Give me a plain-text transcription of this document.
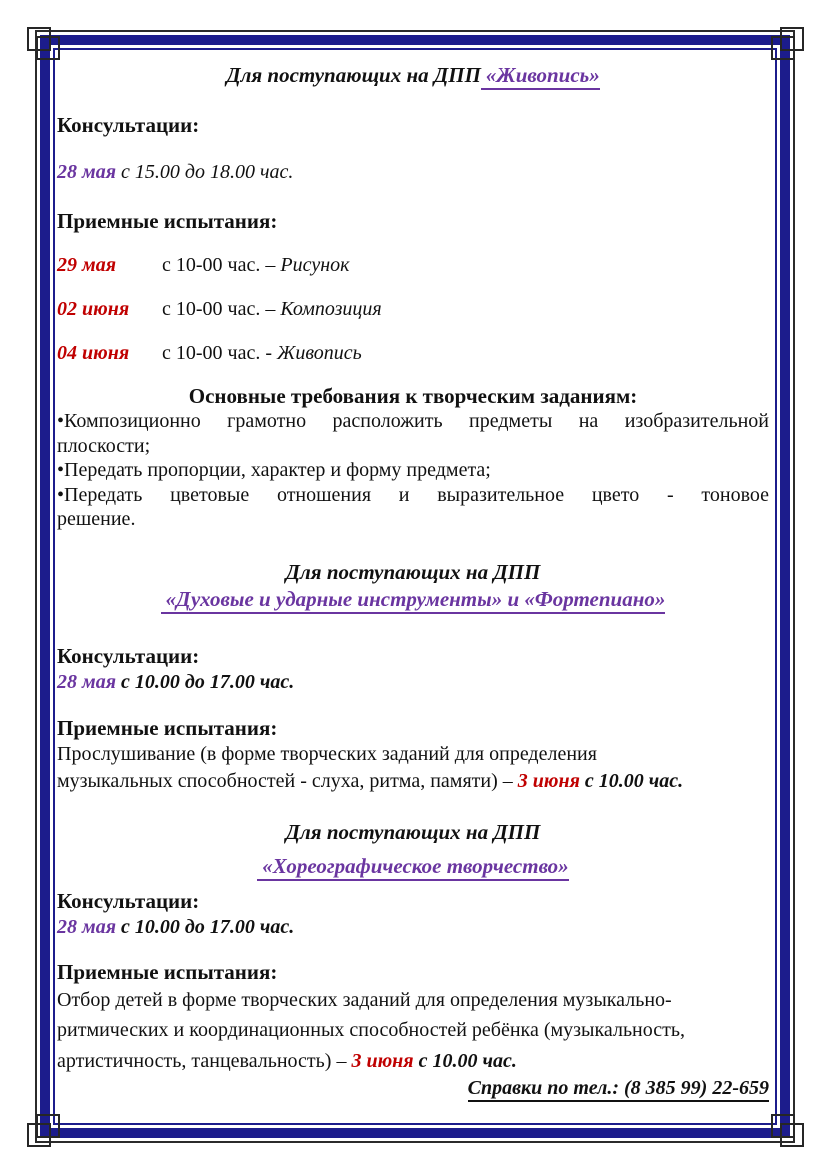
Для поступающих на ДПП «Живопись»
Консультации:
28 мая с 15.00 до 18.00 час.
Приемные испытания:
29 мая с 10-00 час. – Рисунок
02 июня с 10-00 час. – Композиция
04 июня с 10-00 час. - Живопись
Основные требования к творческим заданиям:
•Композиционно грамотно расположить предметы на изобразительной
плоскости;
•Передать пропорции, характер и форму предмета;
•Передать цветовые отношения и выразительное цвето - тоновое
решение.
Для поступающих на ДПП
«Духовые и ударные инструменты» и «Фортепиано»
Консультации:
28 мая с 10.00 до 17.00 час.
Приемные испытания:
Прослушивание (в форме творческих заданий для определения
музыкальных способностей - слуха, ритма, памяти) – 3 июня с 10.00 час.
Для поступающих на ДПП
«Хореографическое творчество»
Консультации:
28 мая с 10.00 до 17.00 час.
Приемные испытания:
Отбор детей в форме творческих заданий для определения музыкально-
ритмических и координационных способностей ребёнка (музыкальность,
артистичность, танцевальность) – 3 июня с 10.00 час.
Справки по тел.: (8 385 99) 22-659
